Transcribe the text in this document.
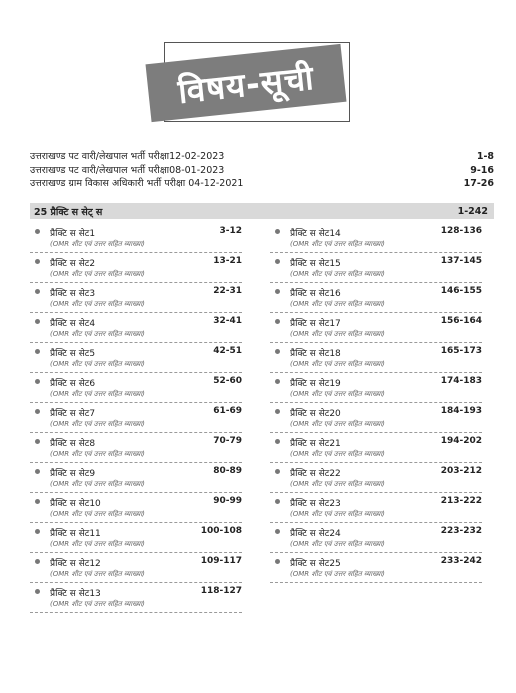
विषय-सूची
उत्तराखण्ड पट वारी/लेखपाल भर्ती परीक्षा12-02-2023	1-8
उत्तराखण्ड पट वारी/लेखपाल भर्ती परीक्षा08-01-2023	9-16
उत्तराखण्ड ग्राम विकास अधिकारी भर्ती परीक्षा 04-12-2021	17-26
25 प्रैक्टि स सेट् स	1-242
प्रैक्टि स सेट1	3-12
(OMR शीट एवं उत्तर सहित व्याख्या)
प्रैक्टि स सेट2	13-21
(OMR शीट एवं उत्तर सहित व्याख्या)
प्रैक्टि स सेट3	22-31
(OMR शीट एवं उत्तर सहित व्याख्या)
प्रैक्टि स सेट4	32-41
(OMR शीट एवं उत्तर सहित व्याख्या)
प्रैक्टि स सेट5	42-51
(OMR शीट एवं उत्तर सहित व्याख्या)
प्रैक्टि स सेट6	52-60
(OMR शीट एवं उत्तर सहित व्याख्या)
प्रैक्टि स सेट7	61-69
(OMR शीट एवं उत्तर सहित व्याख्या)
प्रैक्टि स सेट8	70-79
(OMR शीट एवं उत्तर सहित व्याख्या)
प्रैक्टि स सेट9	80-89
(OMR शीट एवं उत्तर सहित व्याख्या)
प्रैक्टि स सेट10	90-99
(OMR शीट एवं उत्तर सहित व्याख्या)
प्रैक्टि स सेट11	100-108
(OMR शीट एवं उत्तर सहित व्याख्या)
प्रैक्टि स सेट12	109-117
(OMR शीट एवं उत्तर सहित व्याख्या)
प्रैक्टि स सेट13	118-127
(OMR शीट एवं उत्तर सहित व्याख्या)
प्रैक्टि स सेट14	128-136
(OMR शीट एवं उत्तर सहित व्याख्या)
प्रैक्टि स सेट15	137-145
(OMR शीट एवं उत्तर सहित व्याख्या)
प्रैक्टि स सेट16	146-155
(OMR शीट एवं उत्तर सहित व्याख्या)
प्रैक्टि स सेट17	156-164
(OMR शीट एवं उत्तर सहित व्याख्या)
प्रैक्टि स सेट18	165-173
(OMR शीट एवं उत्तर सहित व्याख्या)
प्रैक्टि स सेट19	174-183
(OMR शीट एवं उत्तर सहित व्याख्या)
प्रैक्टि स सेट20	184-193
(OMR शीट एवं उत्तर सहित व्याख्या)
प्रैक्टि स सेट21	194-202
(OMR शीट एवं उत्तर सहित व्याख्या)
प्रैक्टि स सेट22	203-212
(OMR शीट एवं उत्तर सहित व्याख्या)
प्रैक्टि स सेट23	213-222
(OMR शीट एवं उत्तर सहित व्याख्या)
प्रैक्टि स सेट24	223-232
(OMR शीट एवं उत्तर सहित व्याख्या)
प्रैक्टि स सेट25	233-242
(OMR शीट एवं उत्तर सहित व्याख्या)
